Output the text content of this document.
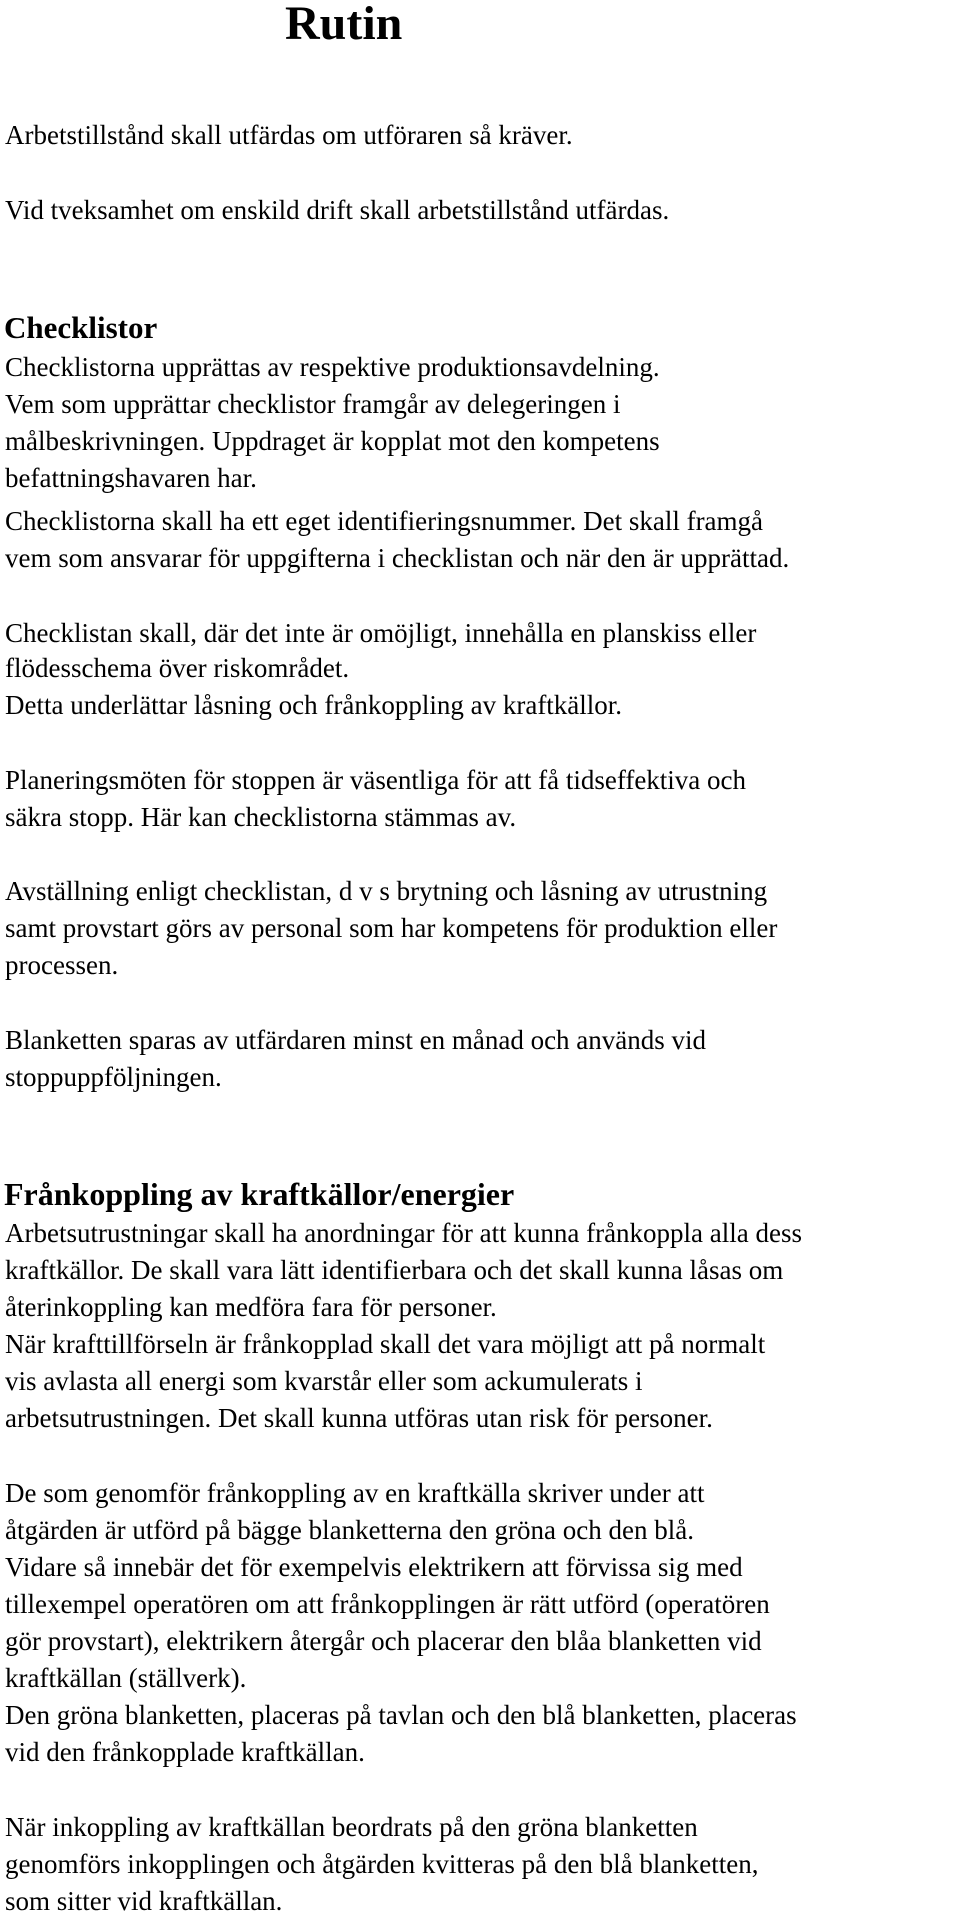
Rutin

Arbetstillstånd skall utfärdas om utföraren så kräver.

Vid tveksamhet om enskild drift skall arbetstillstånd utfärdas.

Checklistor

Checklistorna upprättas av respektive produktionsavdelning.

Vem som upprättar checklistor framgår av delegeringen i

målbeskrivningen. Uppdraget är kopplat mot den kompetens

befattningshavaren har.

Checklistorna skall ha ett eget identifieringsnummer. Det skall framgå

vem som ansvarar för uppgifterna i checklistan och när den är upprättad.

Checklistan skall, där det inte är omöjligt, innehålla en planskiss eller

flödesschema över riskområdet.

Detta underlättar låsning och frånkoppling av kraftkällor.

Planeringsmöten för stoppen är väsentliga för att få tidseffektiva och

säkra stopp. Här kan checklistorna stämmas av.

Avställning enligt checklistan, d v s brytning och låsning av utrustning

samt provstart görs av personal som har kompetens för produktion eller

processen.

Blanketten sparas av utfärdaren minst en månad och används vid

stoppuppföljningen.

Frånkoppling av kraftkällor/energier

Arbetsutrustningar skall ha anordningar för att kunna frånkoppla alla dess

kraftkällor. De skall vara lätt identifierbara och det skall kunna låsas om

återinkoppling kan medföra fara för personer.

När krafttillförseln är frånkopplad skall det vara möjligt att på normalt

vis avlasta all energi som kvarstår eller som ackumulerats i

arbetsutrustningen. Det skall kunna utföras utan risk för personer.

De som genomför frånkoppling av en kraftkälla skriver under att

åtgärden är utförd på bägge blanketterna den gröna och den blå.

Vidare så innebär det för exempelvis elektrikern att förvissa sig med

tillexempel operatören om att frånkopplingen är rätt utförd (operatören

gör provstart), elektrikern återgår och placerar den blåa blanketten vid

kraftkällan (ställverk).

Den gröna blanketten, placeras på tavlan och den blå blanketten, placeras

vid den frånkopplade kraftkällan.

När inkoppling av kraftkällan beordrats på den gröna blanketten

genomförs inkopplingen och åtgärden kvitteras på den blå blanketten,

som sitter vid kraftkällan.
